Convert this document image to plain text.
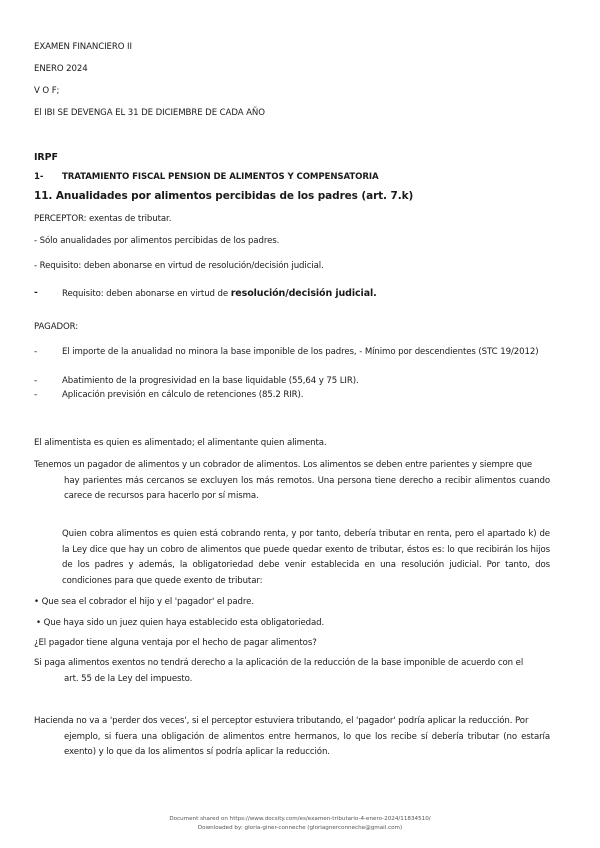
EXAMEN FINANCIERO II
ENERO 2024
V O F;
El IBI SE DEVENGA EL 31 DE DICIEMBRE DE CADA AÑO
IRPF
1- TRATAMIENTO FISCAL PENSION DE ALIMENTOS Y COMPENSATORIA
11. Anualidades por alimentos percibidas de los padres (art. 7.k)
PERCEPTOR: exentas de tributar.
- Sólo anualidades por alimentos percibidas de los padres.
- Requisito: deben abonarse en virtud de resolución/decisión judicial.
-	Requisito: deben abonarse en virtud de resolución/decisión judicial.
PAGADOR:
-	El importe de la anualidad no minora la base imponible de los padres, - Mínimo por descendientes (STC 19/2012)
-	Abatimiento de la progresividad en la base liquidable (55,64 y 75 LIR).
-	Aplicación previsión en cálculo de retenciones (85.2 RIR).
El alimentista es quien es alimentado; el alimentante quien alimenta.
Tenemos un pagador de alimentos y un cobrador de alimentos. Los alimentos se deben entre parientes y siempre que
hay parientes más cercanos se excluyen los más remotos. Una persona tiene derecho a recibir alimentos cuando carece de recursos para hacerlo por sí misma.
Quien cobra alimentos es quien está cobrando renta, y por tanto, debería tributar en renta, pero el apartado k) de la Ley dice que hay un cobro de alimentos que puede quedar exento de tributar, éstos es: lo que recibirán los hijos de los padres y además, la obligatoriedad debe venir establecida en una resolución judicial. Por tanto, dos condiciones para que quede exento de tributar:
• Que sea el cobrador el hijo y el 'pagador' el padre.
• Que haya sido un juez quien haya establecido esta obligatoriedad.
¿El pagador tiene alguna ventaja por el hecho de pagar alimentos?
Si paga alimentos exentos no tendrá derecho a la aplicación de la reducción de la base imponible de acuerdo con el
art. 55 de la Ley del impuesto.
Hacienda no va a 'perder dos veces', si el perceptor estuviera tributando, el 'pagador' podría aplicar la reducción. Por
ejemplo, si fuera una obligación de alimentos entre hermanos, lo que los recibe sí debería tributar (no estaría exento) y lo que da los alimentos sí podría aplicar la reducción.
Document shared on https://www.docsity.com/es/examen-tributario-4-enero-2024/11834510/
Downloaded by: gloria-giner-conneche (gloriagnerconneche@gmail.com)
